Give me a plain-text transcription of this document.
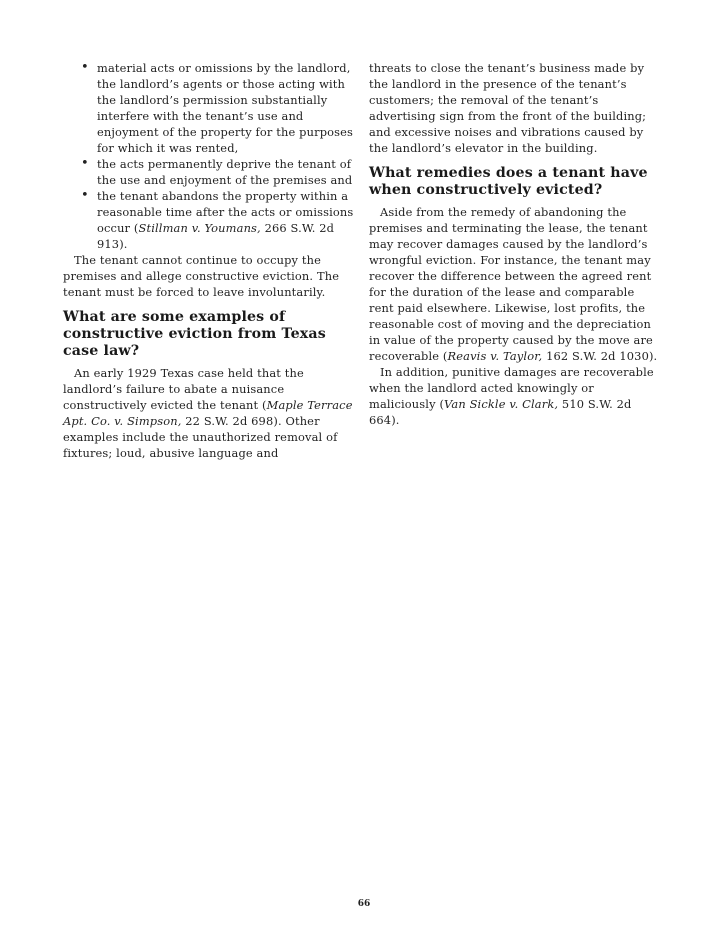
• material acts or omissions by the landlord, the landlord’s agents or those acting with the landlord’s permission substantially interfere with the tenant’s use and enjoyment of the property for the purposes for which it was rented,
• the acts permanently deprive the tenant of the use and enjoyment of the premises and
• the tenant abandons the property within a reasonable time after the acts or omissions occur (Stillman v. Youmans, 266 S.W. 2d 913).

The tenant cannot continue to occupy the premises and allege constructive eviction. The tenant must be forced to leave involuntarily.

What are some examples of constructive eviction from Texas case law?

An early 1929 Texas case held that the landlord’s failure to abate a nuisance constructively evicted the tenant (Maple Terrace Apt. Co. v. Simpson, 22 S.W. 2d 698). Other examples include the unauthorized removal of fixtures; loud, abusive language and

threats to close the tenant’s business made by the landlord in the presence of the tenant’s customers; the removal of the tenant’s advertising sign from the front of the building; and excessive noises and vibrations caused by the landlord’s elevator in the building.

What remedies does a tenant have when constructively evicted?

Aside from the remedy of abandoning the premises and terminating the lease, the tenant may recover damages caused by the landlord’s wrongful eviction. For instance, the tenant may recover the difference between the agreed rent for the duration of the lease and comparable rent paid elsewhere. Likewise, lost profits, the reasonable cost of moving and the depreciation in value of the property caused by the move are recoverable (Reavis v. Taylor, 162 S.W. 2d 1030).

In addition, punitive damages are recoverable when the landlord acted knowingly or maliciously (Van Sickle v. Clark, 510 S.W. 2d 664).

66
